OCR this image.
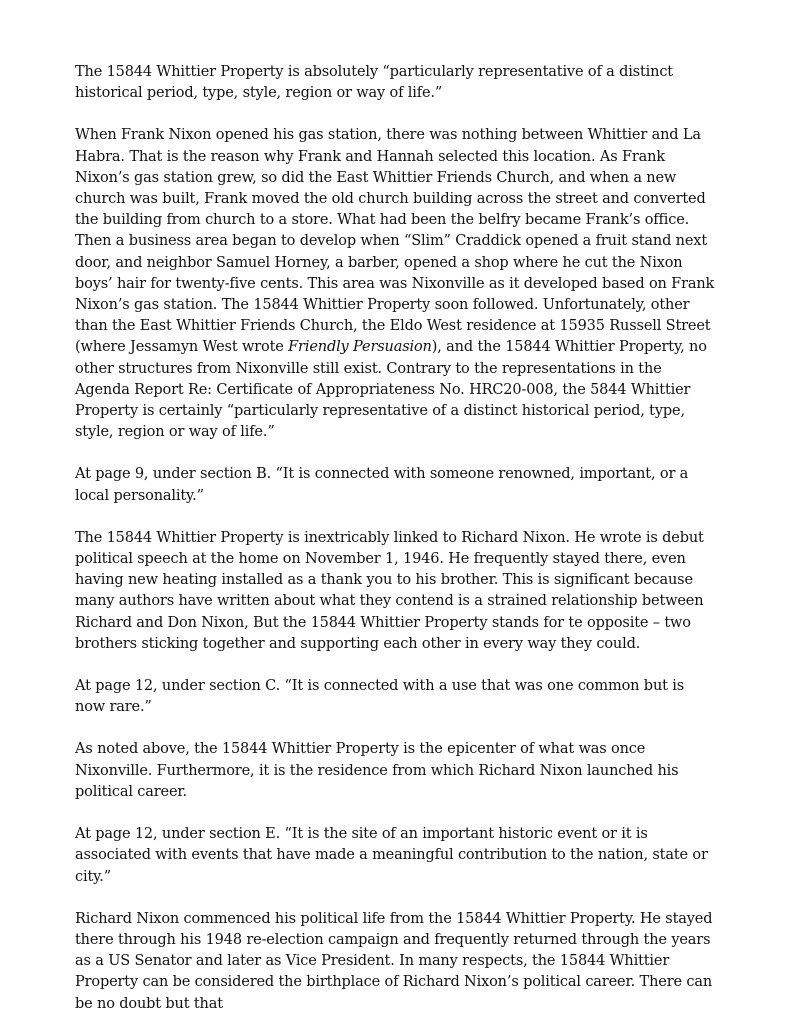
The 15844 Whittier Property is absolutely “particularly representative of a distinct historical period, type, style, region or way of life.”

When Frank Nixon opened his gas station, there was nothing between Whittier and La Habra. That is the reason why Frank and Hannah selected this location. As Frank Nixon’s gas station grew, so did the East Whittier Friends Church, and when a new church was built, Frank moved the old church building across the street and converted the building from church to a store. What had been the belfry became Frank’s office. Then a business area began to develop when “Slim” Craddick opened a fruit stand next door, and neighbor Samuel Horney, a barber, opened a shop where he cut the Nixon boys’ hair for twenty-five cents. This area was Nixonville as it developed based on Frank Nixon’s gas station. The 15844 Whittier Property soon followed. Unfortunately, other than the East Whittier Friends Church, the Eldo West residence at 15935 Russell Street (where Jessamyn West wrote Friendly Persuasion), and the 15844 Whittier Property, no other structures from Nixonville still exist. Contrary to the representations in the Agenda Report Re: Certificate of Appropriateness No. HRC20-008, the 5844 Whittier Property is certainly “particularly representative of a distinct historical period, type, style, region or way of life.”

At page 9, under section B. “It is connected with someone renowned, important, or a local personality.”

The 15844 Whittier Property is inextricably linked to Richard Nixon. He wrote is debut political speech at the home on November 1, 1946. He frequently stayed there, even having new heating installed as a thank you to his brother. This is significant because many authors have written about what they contend is a strained relationship between Richard and Don Nixon, But the 15844 Whittier Property stands for te opposite – two brothers sticking together and supporting each other in every way they could.

At page 12, under section C. “It is connected with a use that was one common but is now rare.”

As noted above, the 15844 Whittier Property is the epicenter of what was once Nixonville. Furthermore, it is the residence from which Richard Nixon launched his political career.

At page 12, under section E. “It is the site of an important historic event or it is associated with events that have made a meaningful contribution to the nation, state or city.”

Richard Nixon commenced his political life from the 15844 Whittier Property. He stayed there through his 1948 re-election campaign and frequently returned through the years as a US Senator and later as Vice President. In many respects, the 15844 Whittier Property can be considered the birthplace of Richard Nixon’s political career. There can be no doubt but that
